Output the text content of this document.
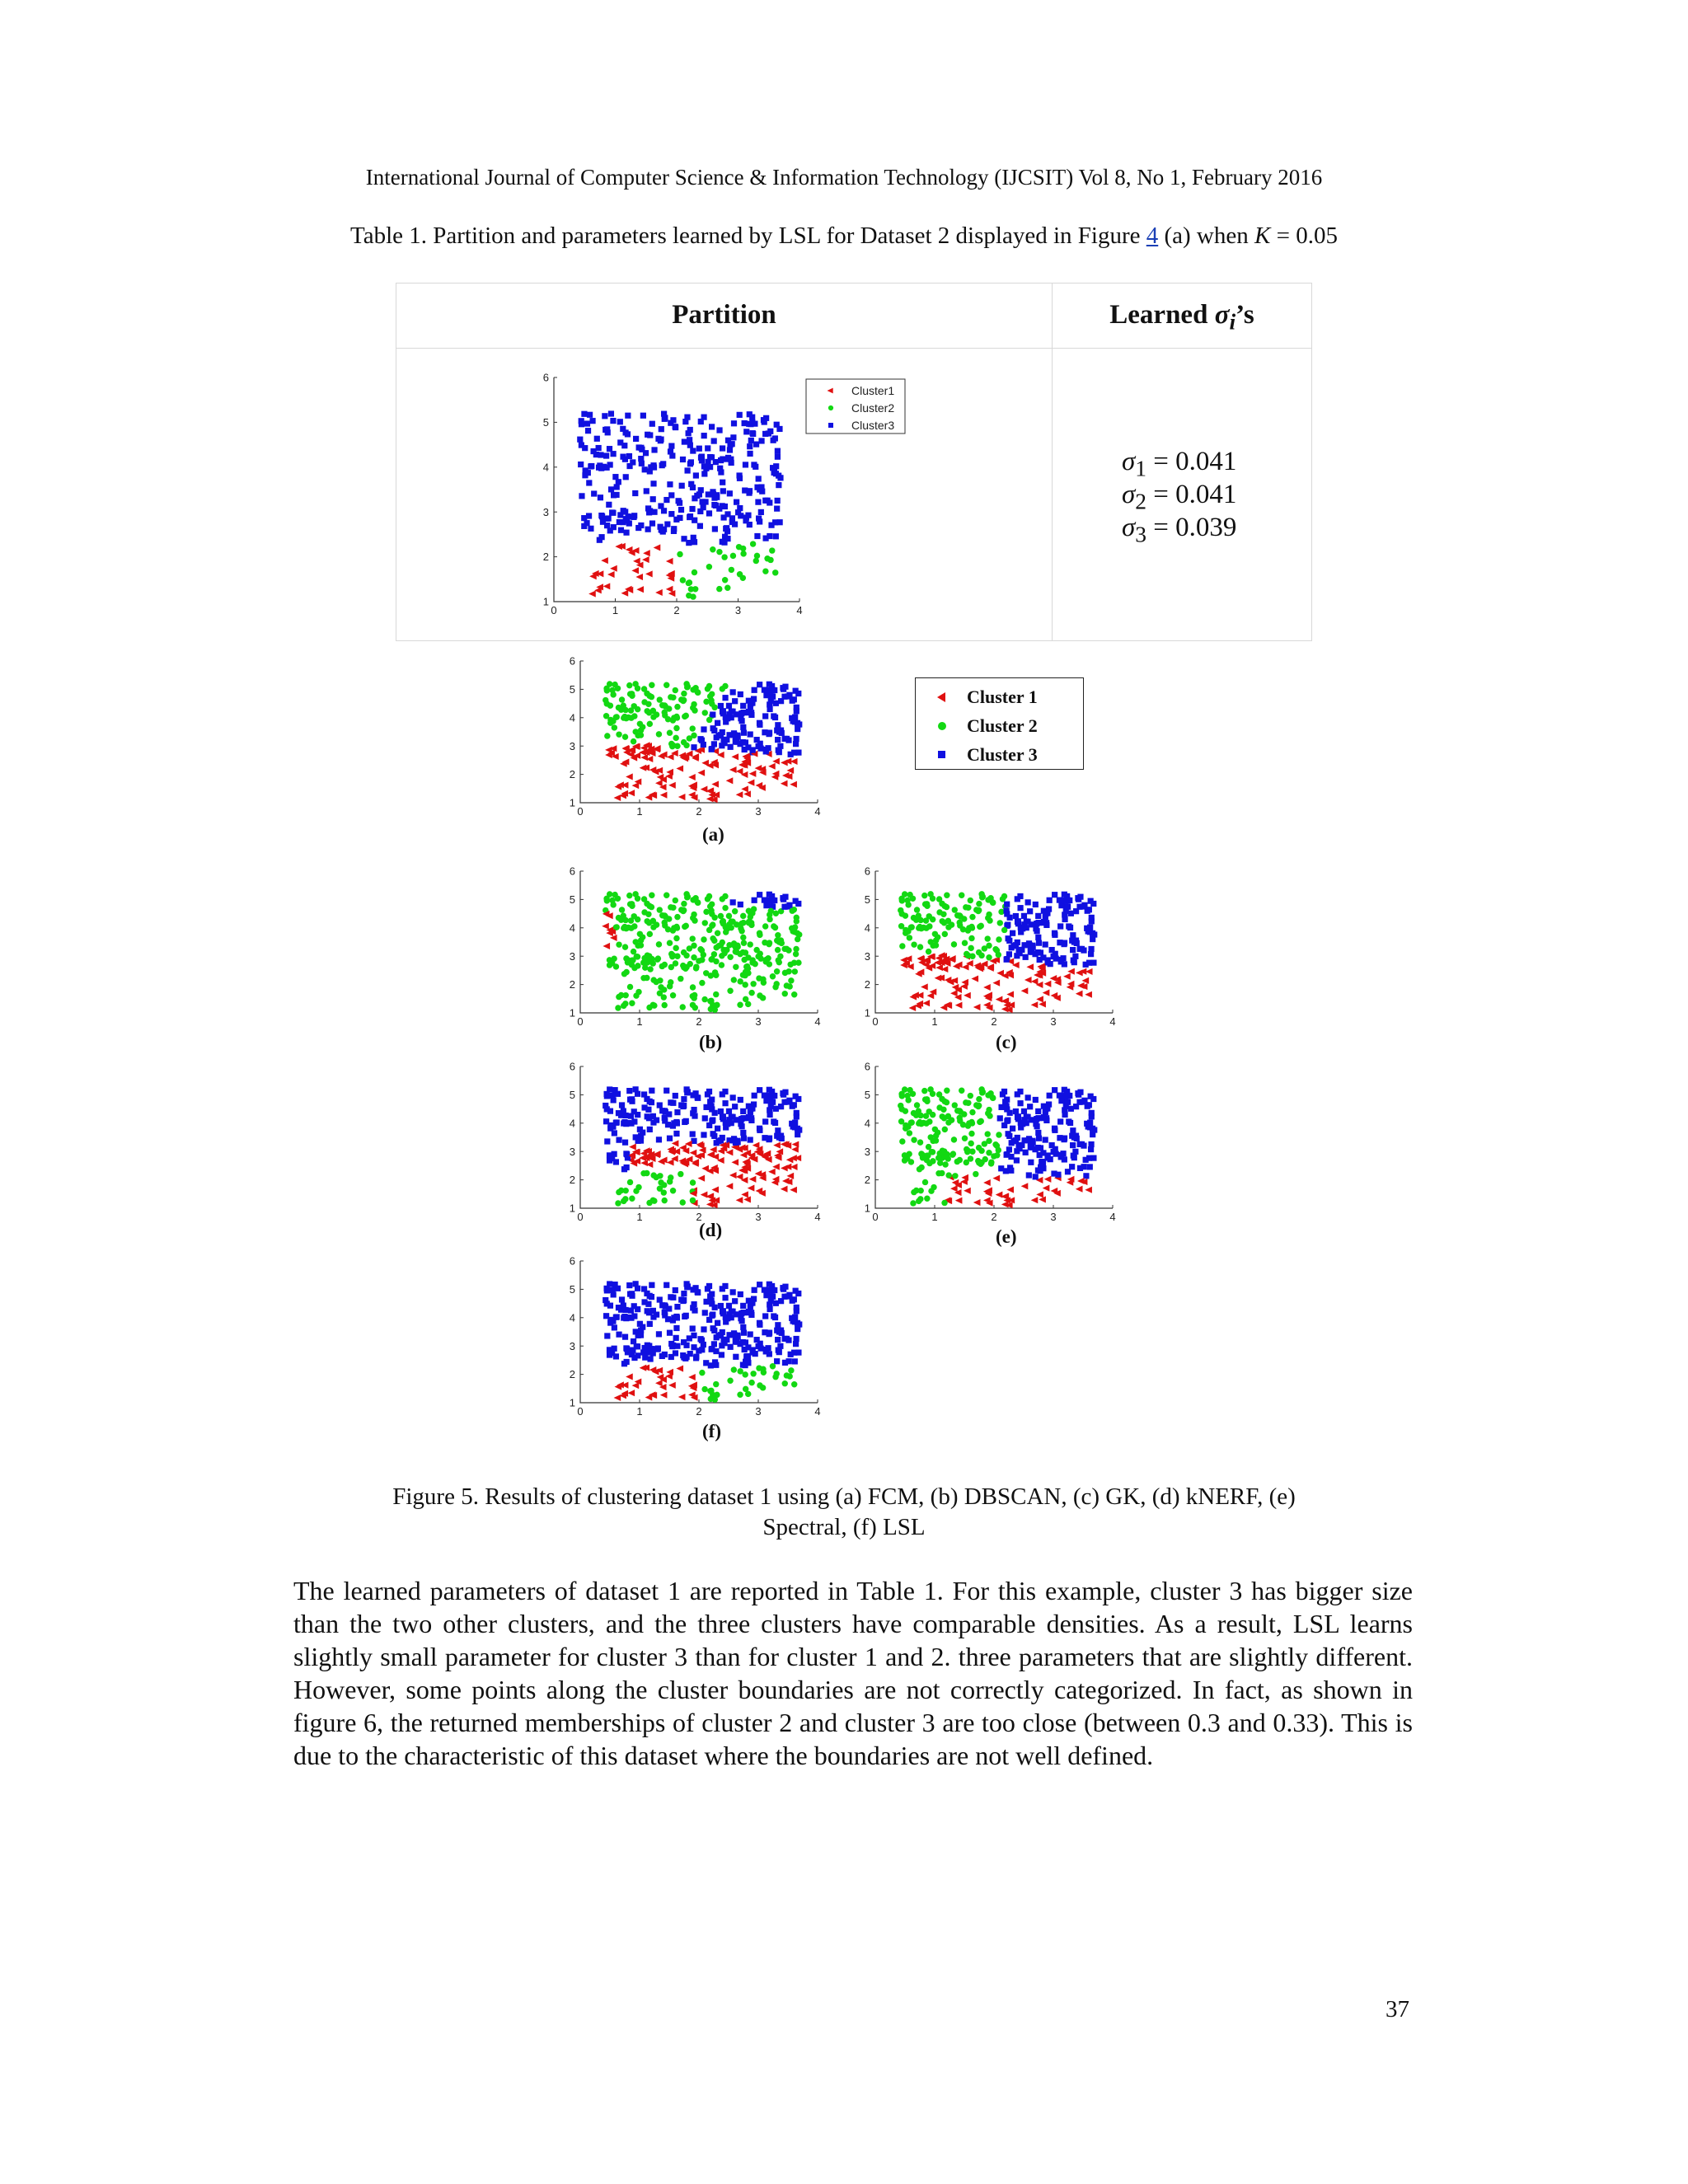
International Journal of Computer Science & Information Technology (IJCSIT) Vol 8, No 1, February 2016
Table 1. Partition and parameters learned by LSL for Dataset 2 displayed in Figure 4 (a) when K = 0.05
Partition	Learned $\sigma_i’s$
$\sigma_1 = 0.041$
$\sigma_2 = 0.041$
$\sigma_3 = 0.039$
0	1	2	3	4
1
2
3
4
5
6
Cluster1
Cluster2
Cluster3
0	1	2	3	4
1
2
3
4
5
6
0	1	2	3	4
1
2
3
4
5
6
0	1	2	3	4
1
2
3
4
5
6
0	1	2	3	4
1
2
3
4
5
6
0	1	2	3	4
1
2
3
4
5
6
0	1	2	3	4
1
2
3
4
5
6
(a)
(b)	(c)
(d)	(e)
(f)
Cluster 1
Cluster 2
Cluster 3
Figure 5. Results of clustering dataset 1 using (a) FCM, (b) DBSCAN, (c) GK, (d) kNERF, (e)
Spectral, (f) LSL
The learned parameters of dataset 1 are reported in Table 1. For this example, cluster 3 has bigger size than the two other clusters, and the three clusters have comparable densities. As a result, LSL learns slightly small parameter for cluster 3 than for cluster 1 and 2. three parameters that are slightly different. However, some points along the cluster boundaries are not correctly categorized. In fact, as shown in figure 6, the returned memberships of cluster 2 and cluster 3 are too close (between 0.3 and 0.33). This is due to the characteristic of this dataset where the boundaries are not well defined.
37
